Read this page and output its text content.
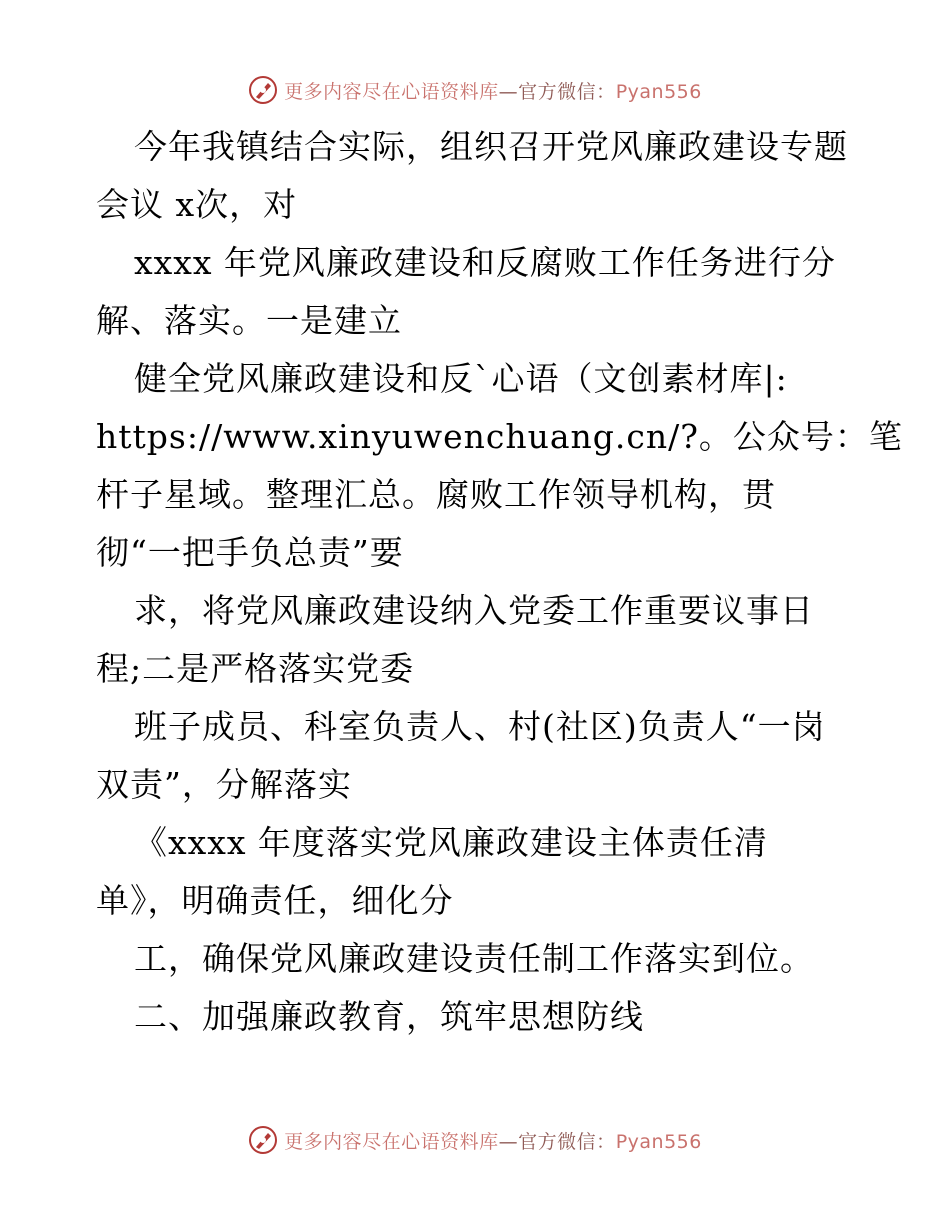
更多内容尽在心语资料库—官方微信：Pyan556
今年我镇结合实际，组织召开党风廉政建设专题
会议 x次，对
xxxx 年党风廉政建设和反腐败工作任务进行分
解、落实。一是建立
健全党风廉政建设和反`心语（文创素材库|:
https://www.xinyuwenchuang.cn/?。公众号：笔
杆子星域。整理汇总。腐败工作领导机构，贯
彻“一把手负总责”要
求，将党风廉政建设纳入党委工作重要议事日
程;二是严格落实党委
班子成员、科室负责人、村(社区)负责人“一岗
双责”，分解落实
《xxxx 年度落实党风廉政建设主体责任清
单》，明确责任，细化分
工，确保党风廉政建设责任制工作落实到位。
二、加强廉政教育，筑牢思想防线
更多内容尽在心语资料库—官方微信：Pyan556
